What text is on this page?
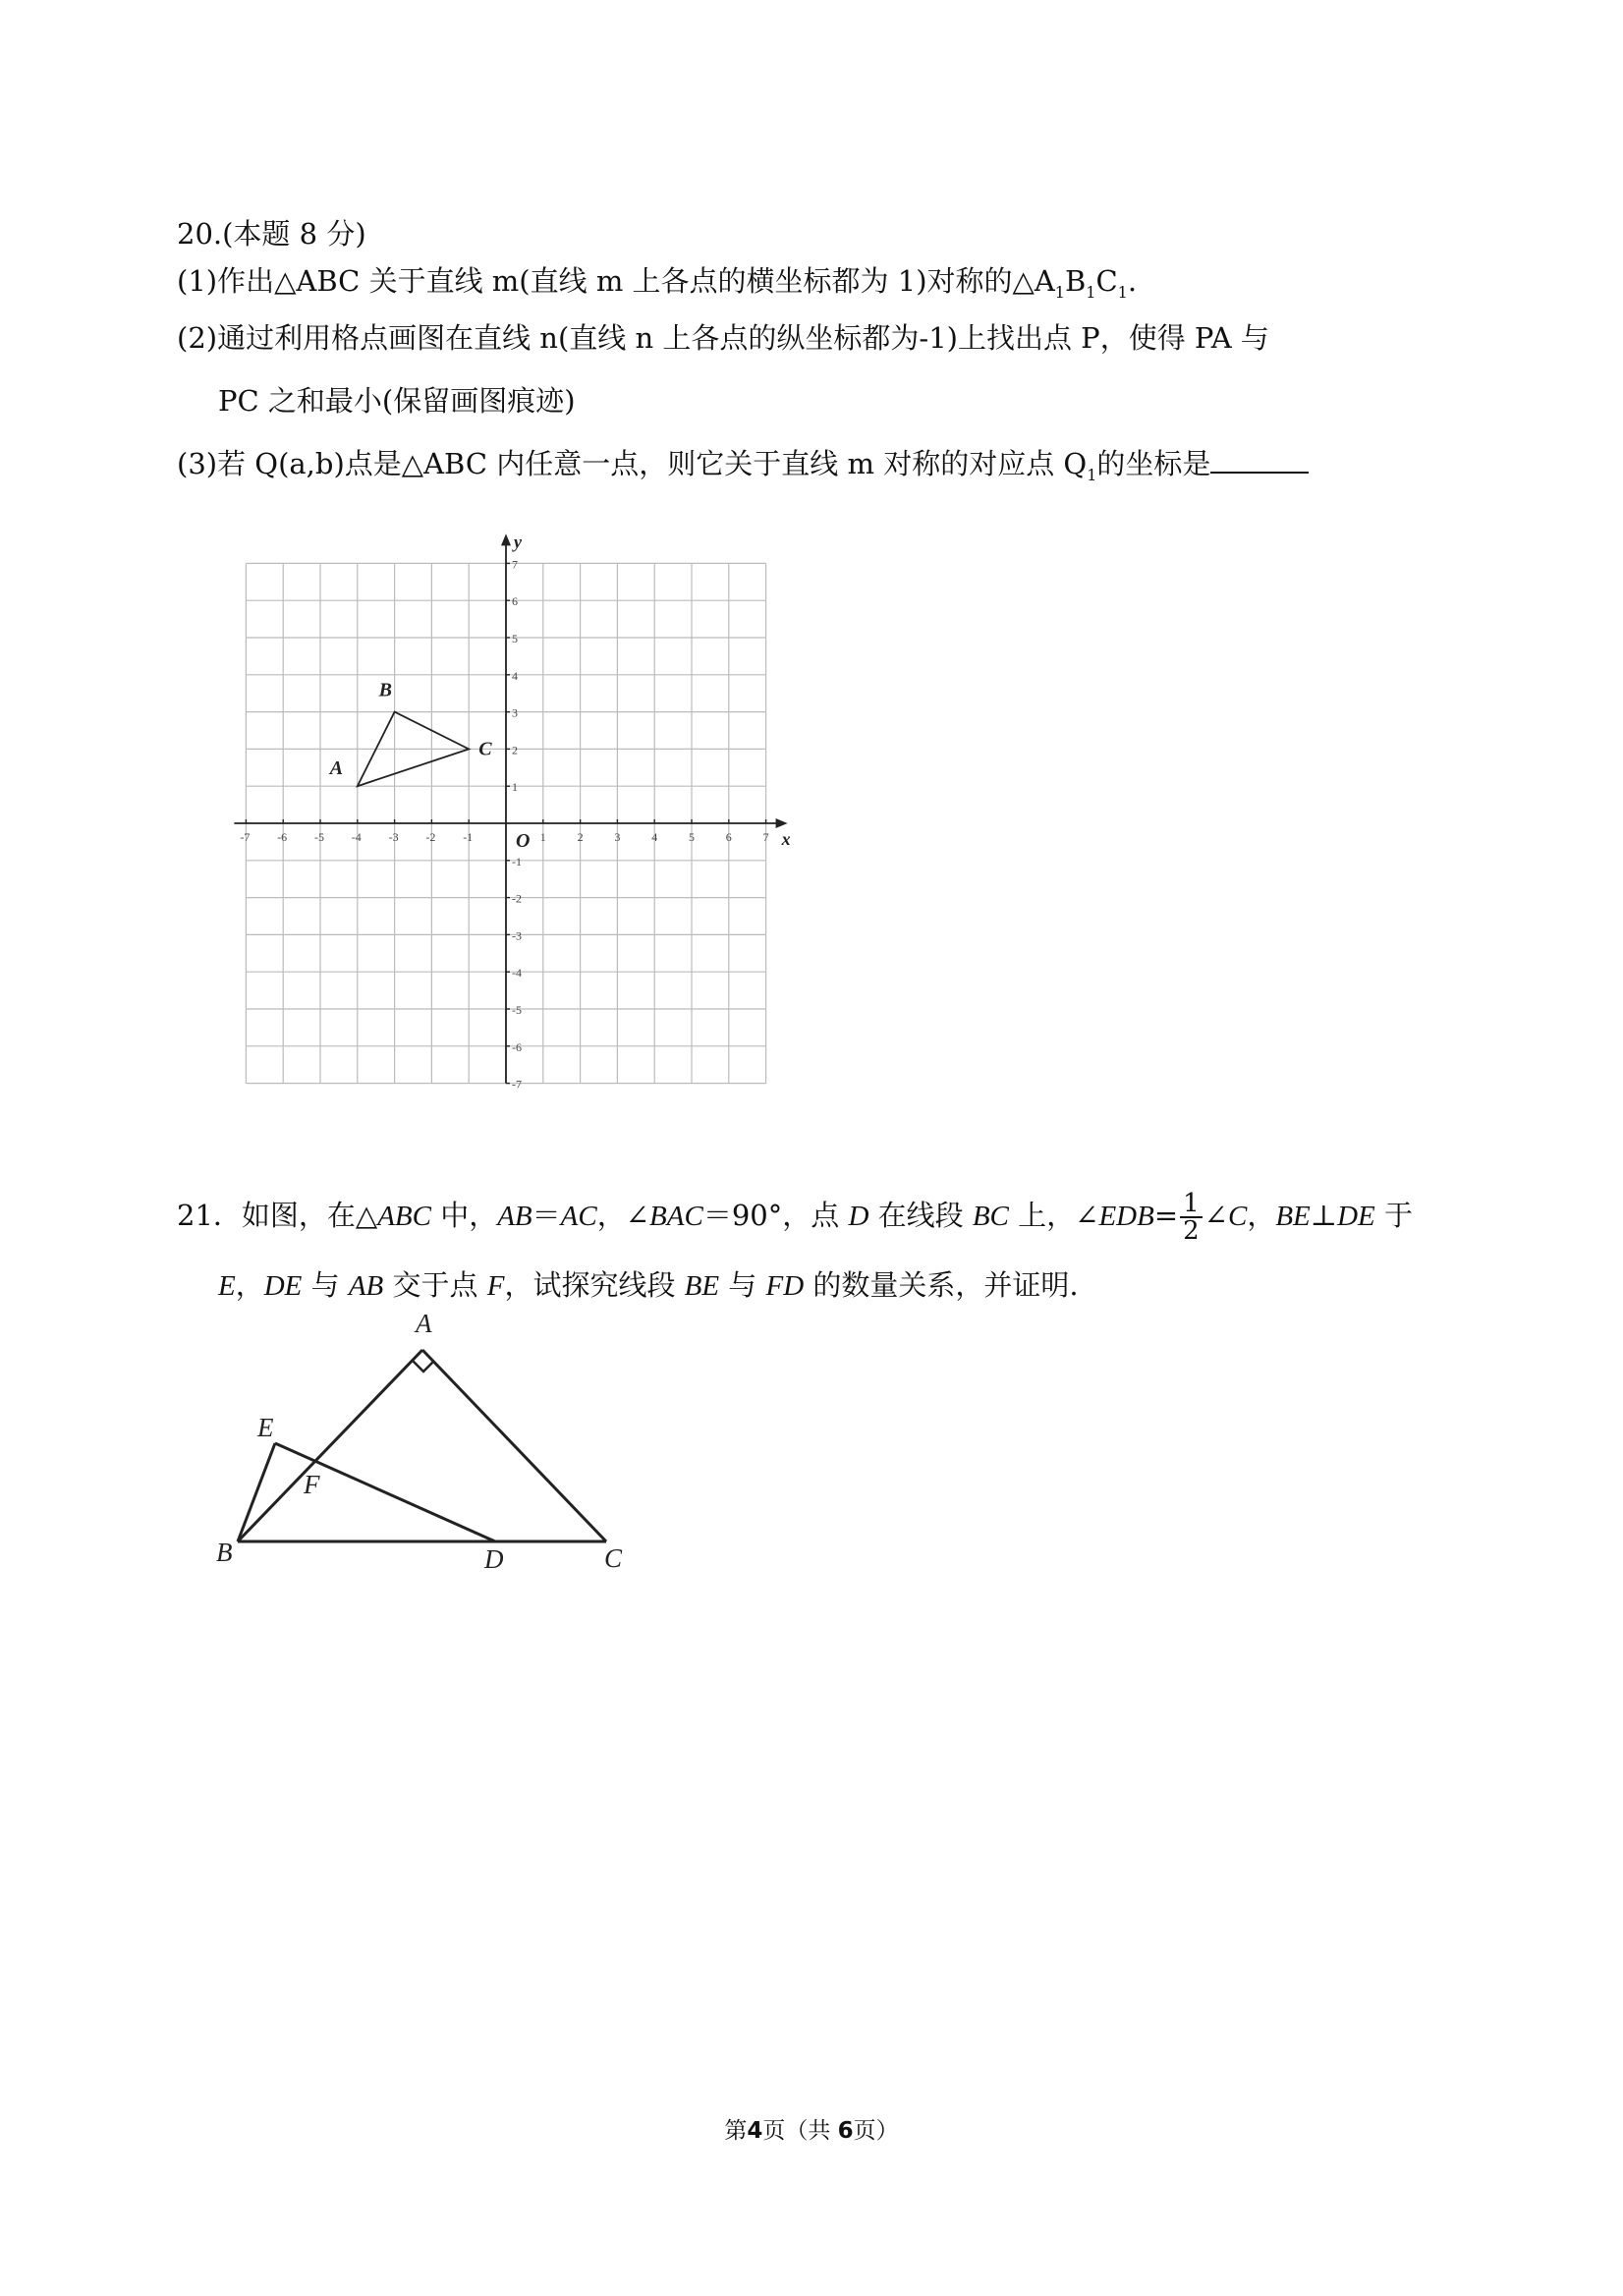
20.(本题 8 分)
(1)作出△ABC 关于直线 m(直线 m 上各点的横坐标都为 1)对称的$\triangle A_1B_1C_1$.
(2)通过利用格点画图在直线 n(直线 n 上各点的纵坐标都为-1)上找出点 P，使得 PA 与
PC 之和最小(保留画图痕迹)
(3)若 Q(a,b)点是△ABC 内任意一点，则它关于直线 m 对称的对应点 $Q_1$的坐标是
x
y
O
-7 -6 -5 -4 -3 -2 -1	1	2	3	4	5	6	7
7
6
5
4
3
2
1
-1
-2
-3
-4
-5
-6
-7
A
B
C
21．如图，在△ABC 中，AB＝AC，∠BAC＝90°，点 D 在线段 BC 上，∠EDB= $\frac{1}{2}$ ∠C，BE⊥DE 于
E，DE 与 AB 交于点 F，试探究线段 BE 与 FD 的数量关系，并证明.
A
B	C
D
E
F
第4页（共 6页）
